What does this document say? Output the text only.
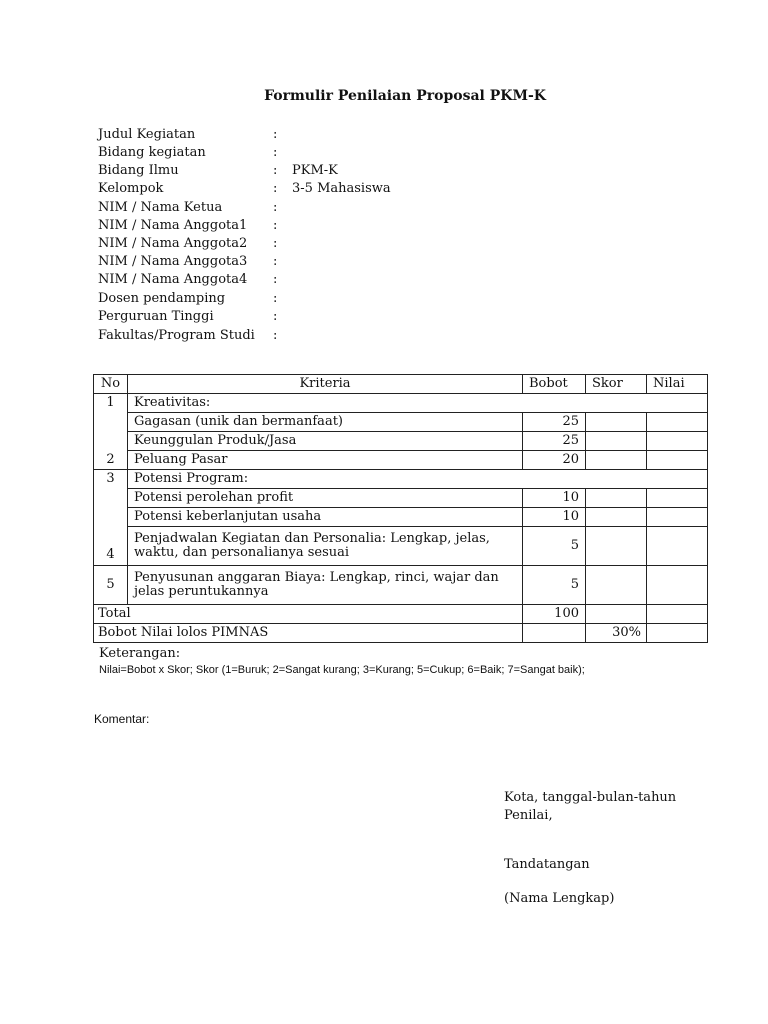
Formulir Penilaian Proposal PKM-K
Judul Kegiatan	:
Bidang kegiatan	:
Bidang Ilmu	: PKM-K
Kelompok	: 3-5 Mahasiswa
NIM / Nama Ketua	:
NIM / Nama Anggota1 :
NIM / Nama Anggota2 :
NIM / Nama Anggota3 :
NIM / Nama Anggota4 :
Dosen pendamping	:
Perguruan Tinggi	:
Fakultas/Program Studi :
No	Kriteria	Bobot	Skor	Nilai
1	Kreativitas:			
	Gagasan (unik dan bermanfaat)	25		
	Keunggulan Produk/Jasa	25		
2	Peluang Pasar	20		
3	Potensi Program:			
	Potensi perolehan profit	10		
	Potensi keberlanjutan usaha	10		
4	Penjadwalan Kegiatan dan Personalia: Lengkap, jelas, waktu, dan personalianya sesuai	5		
5	Penyusunan anggaran Biaya: Lengkap, rinci, wajar dan jelas peruntukannya	5		
Total		100		
Bobot Nilai lolos PIMNAS			30%	
Keterangan:
Nilai=Bobot x Skor; Skor (1=Buruk; 2=Sangat kurang; 3=Kurang; 5=Cukup; 6=Baik; 7=Sangat baik);
Komentar:
Kota, tanggal-bulan-tahun
Penilai,
Tandatangan
(Nama Lengkap)
